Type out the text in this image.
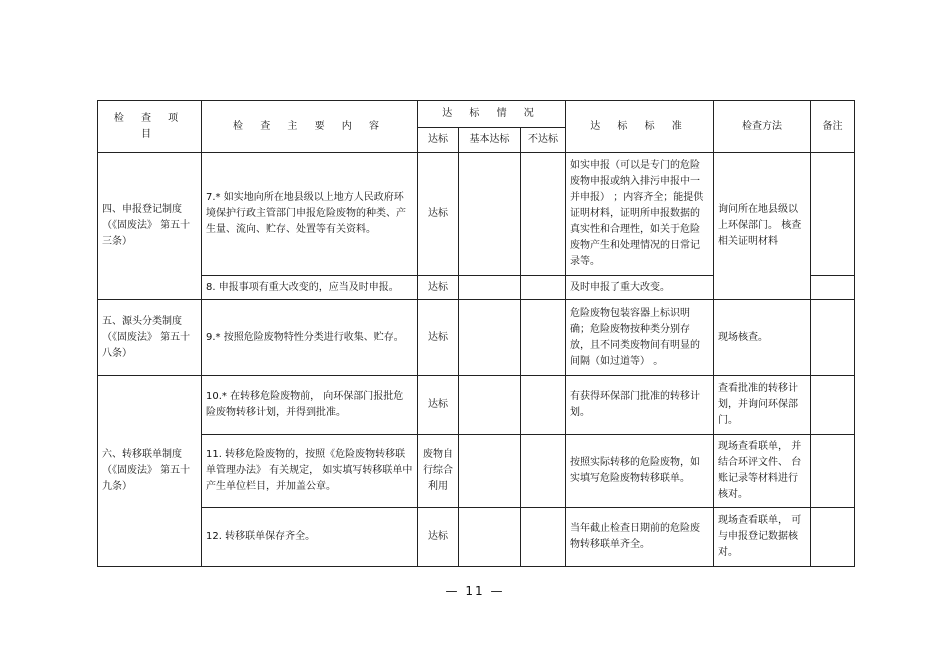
检 查 项 目	检 查 主 要 内 容	达 标 情 况			达 标 标 准	检查方法	备注
		达标	基本达标	不达标			
四、申报登记制度（《固废法》 第五十三条）	7.* 如实地向所在地县级以上地方人民政府环境保护行政主管部门申报危险废物的种类、产生量、流向、贮存、处置等有关资料。	达标			如实申报（可以是专门的危险废物申报或纳入排污申报中一并申报） ；内容齐全；能提供证明材料，证明所申报数据的真实性和合理性，如关于危险废物产生和处理情况的日常记录等。	询问所在地县级以上环保部门。 核查相关证明材料	
	8. 申报事项有重大改变的，应当及时申报。	达标			及时申报了重大改变。		
五、源头分类制度（《固废法》 第五十八条）	9.* 按照危险废物特性分类进行收集、贮存。	达标			危险废物包装容器上标识明确；危险废物按种类分别存放，且不同类废物间有明显的间隔（如过道等） 。	现场核查。	
六、转移联单制度（《固废法》 第五十九条）	10.* 在转移危险废物前， 向环保部门报批危险废物转移计划，并得到批准。	达标			有获得环保部门批准的转移计划。	查看批准的转移计划，并询问环保部门。	
	11. 转移危险废物的，按照《危险废物转移联单管理办法》 有关规定， 如实填写转移联单中产生单位栏目，并加盖公章。	废物自行综合利用			按照实际转移的危险废物，如实填写危险废物转移联单。	现场查看联单， 并结合环评文件、 台账记录等材料进行核对。	
	12. 转移联单保存齐全。	达标			当年截止检查日期前的危险废物转移联单齐全。	现场查看联单， 可与申报登记数据核对。	
— 11 —
